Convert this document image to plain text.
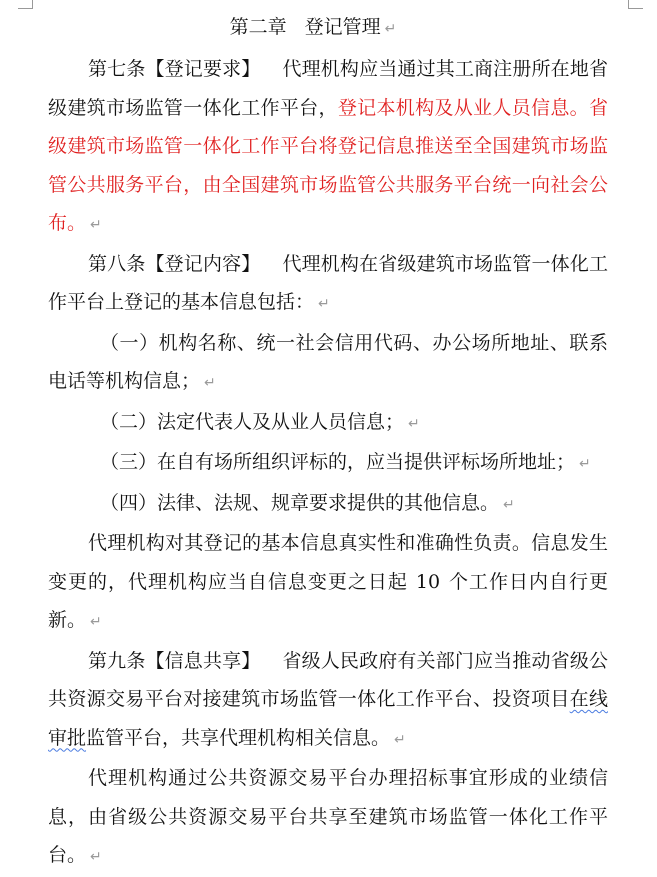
第二章 登记管理 ↵

第七条【登记要求】 代理机构应当通过其工商注册所在地省级建筑市场监管一体化工作平台，登记本机构及从业人员信息。省级建筑市场监管一体化工作平台将登记信息推送至全国建筑市场监管公共服务平台，由全国建筑市场监管公共服务平台统一向社会公布。 ↵

第八条【登记内容】 代理机构在省级建筑市场监管一体化工作平台上登记的基本信息包括： ↵

（一）机构名称、统一社会信用代码、办公场所地址、联系电话等机构信息； ↵

（二）法定代表人及从业人员信息； ↵

（三）在自有场所组织评标的，应当提供评标场所地址； ↵

（四）法律、法规、规章要求提供的其他信息。 ↵

代理机构对其登记的基本信息真实性和准确性负责。信息发生变更的，代理机构应当自信息变更之日起 10 个工作日内自行更新。 ↵

第九条【信息共享】 省级人民政府有关部门应当推动省级公共资源交易平台对接建筑市场监管一体化工作平台、投资项目在线审批监管平台，共享代理机构相关信息。 ↵

代理机构通过公共资源交易平台办理招标事宜形成的业绩信息，由省级公共资源交易平台共享至建筑市场监管一体化工作平台。 ↵
